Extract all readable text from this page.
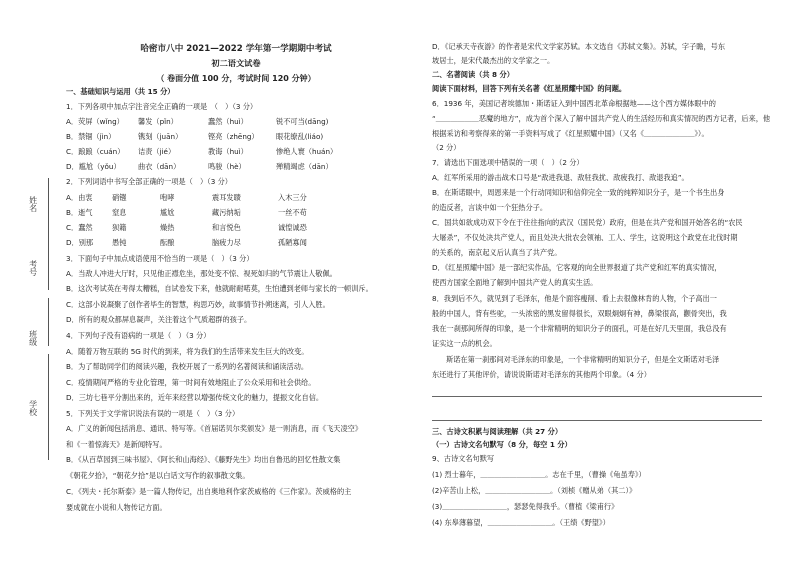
姓名
考号
班级
学校
哈密市八中 2021—2022 学年第一学期期中考试
初二语文试卷
（ 卷面分值 100 分，考试时间 120 分钟）
一、基础知识与运用（共 15 分）
1．下列各项中加点字注音完全正确的一项是　（　）（3 分）
A．荧屏（wǐng） 馨发（pǐn）	蠢然（huì）	锐不可当(dāng)
B．禁锢（jìn）	镌刻（juān）	铿亮（zhēng） 眼花缭乱(liáo)
C．踉踉（cuán） 诘责（jié）	教诲（huì）	惨绝人寰（huán）
D．尴尬（yǒu） 曲衣（dān）	鸣骏（hè）	殚精竭虑（dān）
2．下列词语中书写全部正确的一项是（　）（3 分）
A．由衷	硝镪	咆哮	震耳发聩	入木三分
B．逝气	窒息	尴尬	藏污纳垢	一丝不苟
C．蠢然	狈籍	燥热	和言悦色	诚惶诚恐
D．别那	愚钝	酝酿	脑疲力尽	孤陋寡闻
3．下面句子中加点成语使用不恰当的一项是（　）（3 分）
A．当敌人冲进大厅时，只见他正襟危坐，那处变不惊、视死如归的气节震让人敬佩。
B．这次考试英在考得太糟糕，自试卷发下来，他就耐耐喏莫，生怕遭到老师与家长的一顿训斥。
C．这部小说凝聚了创作者毕生的智慧，构思巧妙，故事情节扑朔迷离，引人入胜。
D．所有的观众都屏息凝声，关注着这个气质超群的孩子。
4．下列句子没有语病的一项是（　）（3 分）
A．随着万物互联的 5G 时代的到来，将为我们的生活带来发生巨大的改变。
B．为了帮助同学们的阅读兴趣，我校开展了一系列的名著阅读和诵读活动。
C．疫情期间严格的专业化管理，第一时间有效地阻止了公众采用和社会供给。
D．三坊七巷平分割出来的，近年来经营以增强传统文化的魅力，提振文化自信。
5．下列关于文学常识说法有误的一项是（　）（3 分）
A．广义的新闻包括消息、通讯、特写等。《首届诺贝尔奖颁发》是一则消息，而《飞天凌空》
和《一着惊海天》是新闻特写。
B．《从百草园到三味书屋》、《阿长和山海经》、《藤野先生》均出自鲁迅的回忆性散文集
《朝花夕拾》，“朝花夕拾”是以白话文写作的叙事散文集。
C．《列夫・托尔斯泰》是一篇人物传记，出自奥地利作家茨威格的《三作家》。茨威格的主
要成就在小说和人物传记方面。
D．《记承天寺夜游》的作者是宋代文学家苏轼。本文选自《苏轼文集》。苏轼，字子瞻，号东
坡居士，是宋代最杰出的文学家之一。
二、名著阅读（共 8 分）
阅读下面材料，回答下列有关名著《红星照耀中国》的问题。
6．1936 年，美国记者埃德加・斯诺证入到中国西北革命根据地——这个西方媒体眼中的
“＿＿＿＿＿＿恶魔的地方”，成为首个深入了解中国共产党人的生活经历和真实情况的西方记者，后来，他
根据采访和考察得来的第一手资料写成了《红星照耀中国》（又名《＿＿＿＿＿＿＿》）。
（2 分）
7．请选出下面选项中错误的一项（　）（2 分）
A．红军所采用的游击战术口号是“敌进我退、敌驻我扰、敌疲我打、敌退我追”。
B．在斯诺眼中，周恩来是一个行动同知识和信仰完全一致的纯粹知识分子，是一个书生出身
的造反者，言谈中如一个狂热分子。
C．国共如欲成功双下令在于往往指向的武汉（国民党）政府，但是在共产党和国开始答名的“农民
大屠杀”，不仅处决共产党人，而且处决大批农会领袖、工人、学生，这说明这个政党在北伐时期
的关系的，南京起义后认真当了共产党。
D．《红星照耀中国》是一部纪实作品，它客观的向全世界报道了共产党和红军的真实情况，
使西方国家全面地了解到中国共产党人的真实生活。
8．我到后不久，就见到了毛泽东，他是个面容瘦削、看上去很像林肯的人物，个子高出一
般的中国人，背有些驼，一头浓密的黑发留得很长，双眼炯炯有神，鼻梁很高，颧骨突出，我
我在一刹那间所得的印象，是一个非常精明的知识分子的面孔，可是在好几天里面，我总没有
证实这一点的机会。
斯诺在第一刹那间对毛泽东的印象是，一个非常精明的知识分子，但是全文斯诺对毛泽
东还进行了其他评价，请说说斯诺对毛泽东的其他两个印象。（4 分）
三、古诗文积累与阅读理解（共 27 分）
（一）古诗文名句默写（8 分，每空 1 分）
9、古诗文名句默写
(1) 烈士暮年，＿＿＿＿＿＿＿＿＿。志在千里，（曹操《龟虽寿》）
(2)辛苦山上松，＿＿＿＿＿＿＿＿＿。（刘桢《赠从弟（其二）》
(3)＿＿＿＿＿＿＿＿＿，瑟瑟免得我乎。（曹植《梁甫行》
(4) 东皋薄暮望，＿＿＿＿＿＿＿＿＿。（王绩《野望》）
